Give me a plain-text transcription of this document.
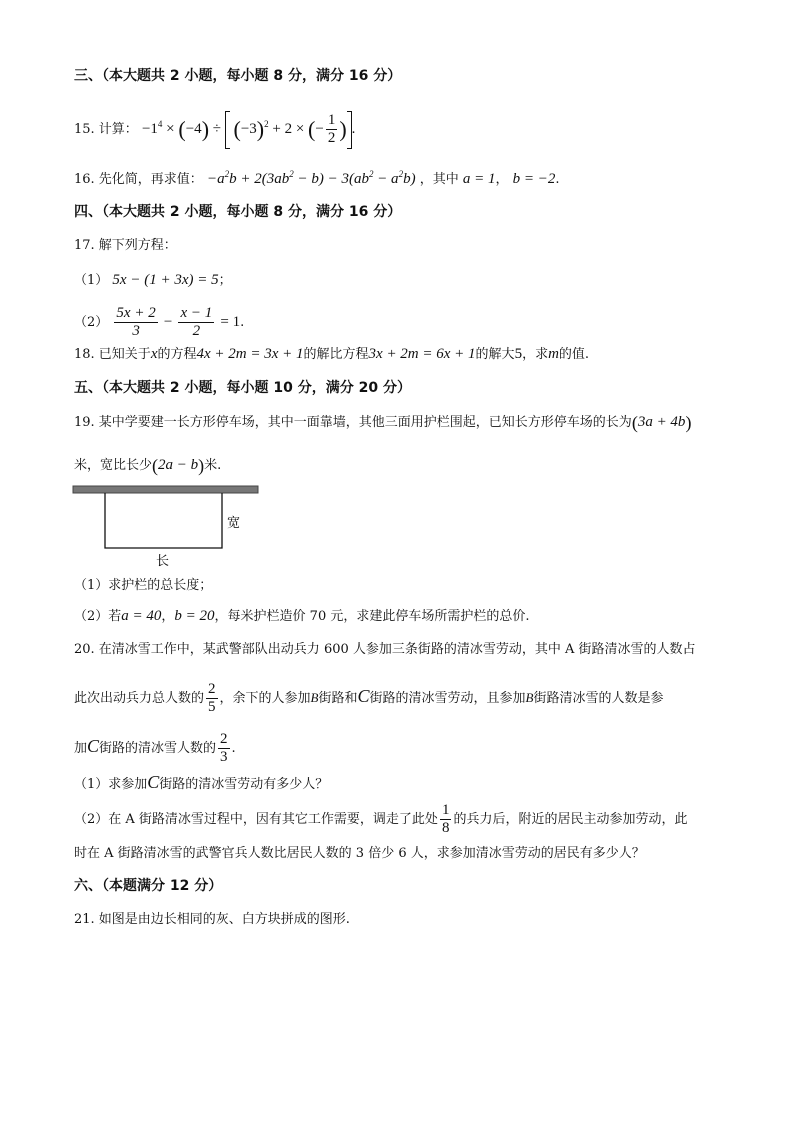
三、（本大题共 2 小题，每小题 8 分，满分 16 分）
15. 计算： $-1^4 \times (-4) \div (-3)^2 + 2$ × (− $\frac{1}{2}$ ) .
16. 先化简，再求值： $-a^2b + 2(3ab^2 - b) - 3(ab^2 - a^2b)$ ，其中 a = 1， b = −2.
四、（本大题共 2 小题，每小题 8 分，满分 16 分）
17. 解下列方程：
（1） 5x − (1 + 3x) = 5；
$(2) \frac{5x + 2}{3} - \frac{x - 1}{2} = 1$.
18. 已知关于x的方程4x + 2m = 3x + 1的解比方程3x + 2m = 6x + 1的解大5，求m的值.
五、（本大题共 2 小题，每小题 10 分，满分 20 分）
19. 某中学要建一长方形停车场，其中一面靠墙，其他三面用护栏围起，已知长方形停车场的长为(3a + 4b)
米，宽比长少(2a − b)米.
宽
长
（1）求护栏的总长度；
（2）若a = 40，b = 20，每米护栏造价 70 元，求建此停车场所需护栏的总价.
20. 在清冰雪工作中，某武警部队出动兵力 600 人参加三条街路的清冰雪劳动，其中 A 街路清冰雪的人数占
此次出动兵力总人数的 $\frac{2}{5}$ ，余下的人参加B街路和C街路的清冰雪劳动，且参加B街路清冰雪的人数是参
加C街路的清冰雪人数的 $\frac{2}{3}$ .
（1）求参加C街路的清冰雪劳动有多少人？
（2）在 A 街路清冰雪过程中，因有其它工作需要，调走了此处 $\frac{1}{8}$ 的兵力后，附近的居民主动参加劳动，此
时在 A 街路清冰雪的武警官兵人数比居民人数的 3 倍少 6 人，求参加清冰雪劳动的居民有多少人？
六、（本题满分 12 分）
21. 如图是由边长相同的灰、白方块拼成的图形.
